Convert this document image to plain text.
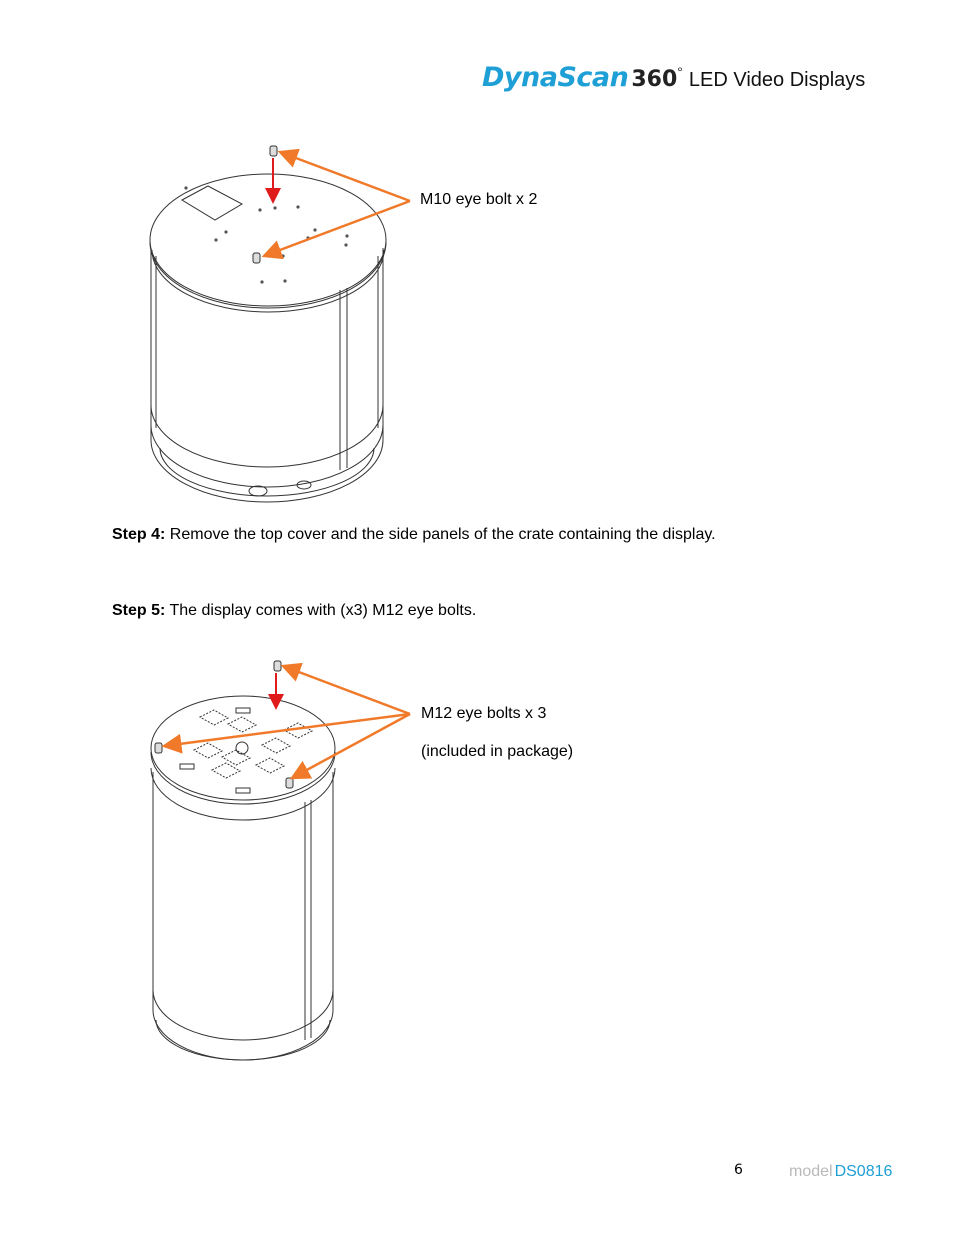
DynaScan 360 ° LED Video Displays
M10 eye bolt x 2
Step 4: Remove the top cover and the side panels of the crate containing the display.
Step 5: The display comes with (x3) M12 eye bolts.
M12 eye bolts x 3
(included in package)
6	model DS0816
